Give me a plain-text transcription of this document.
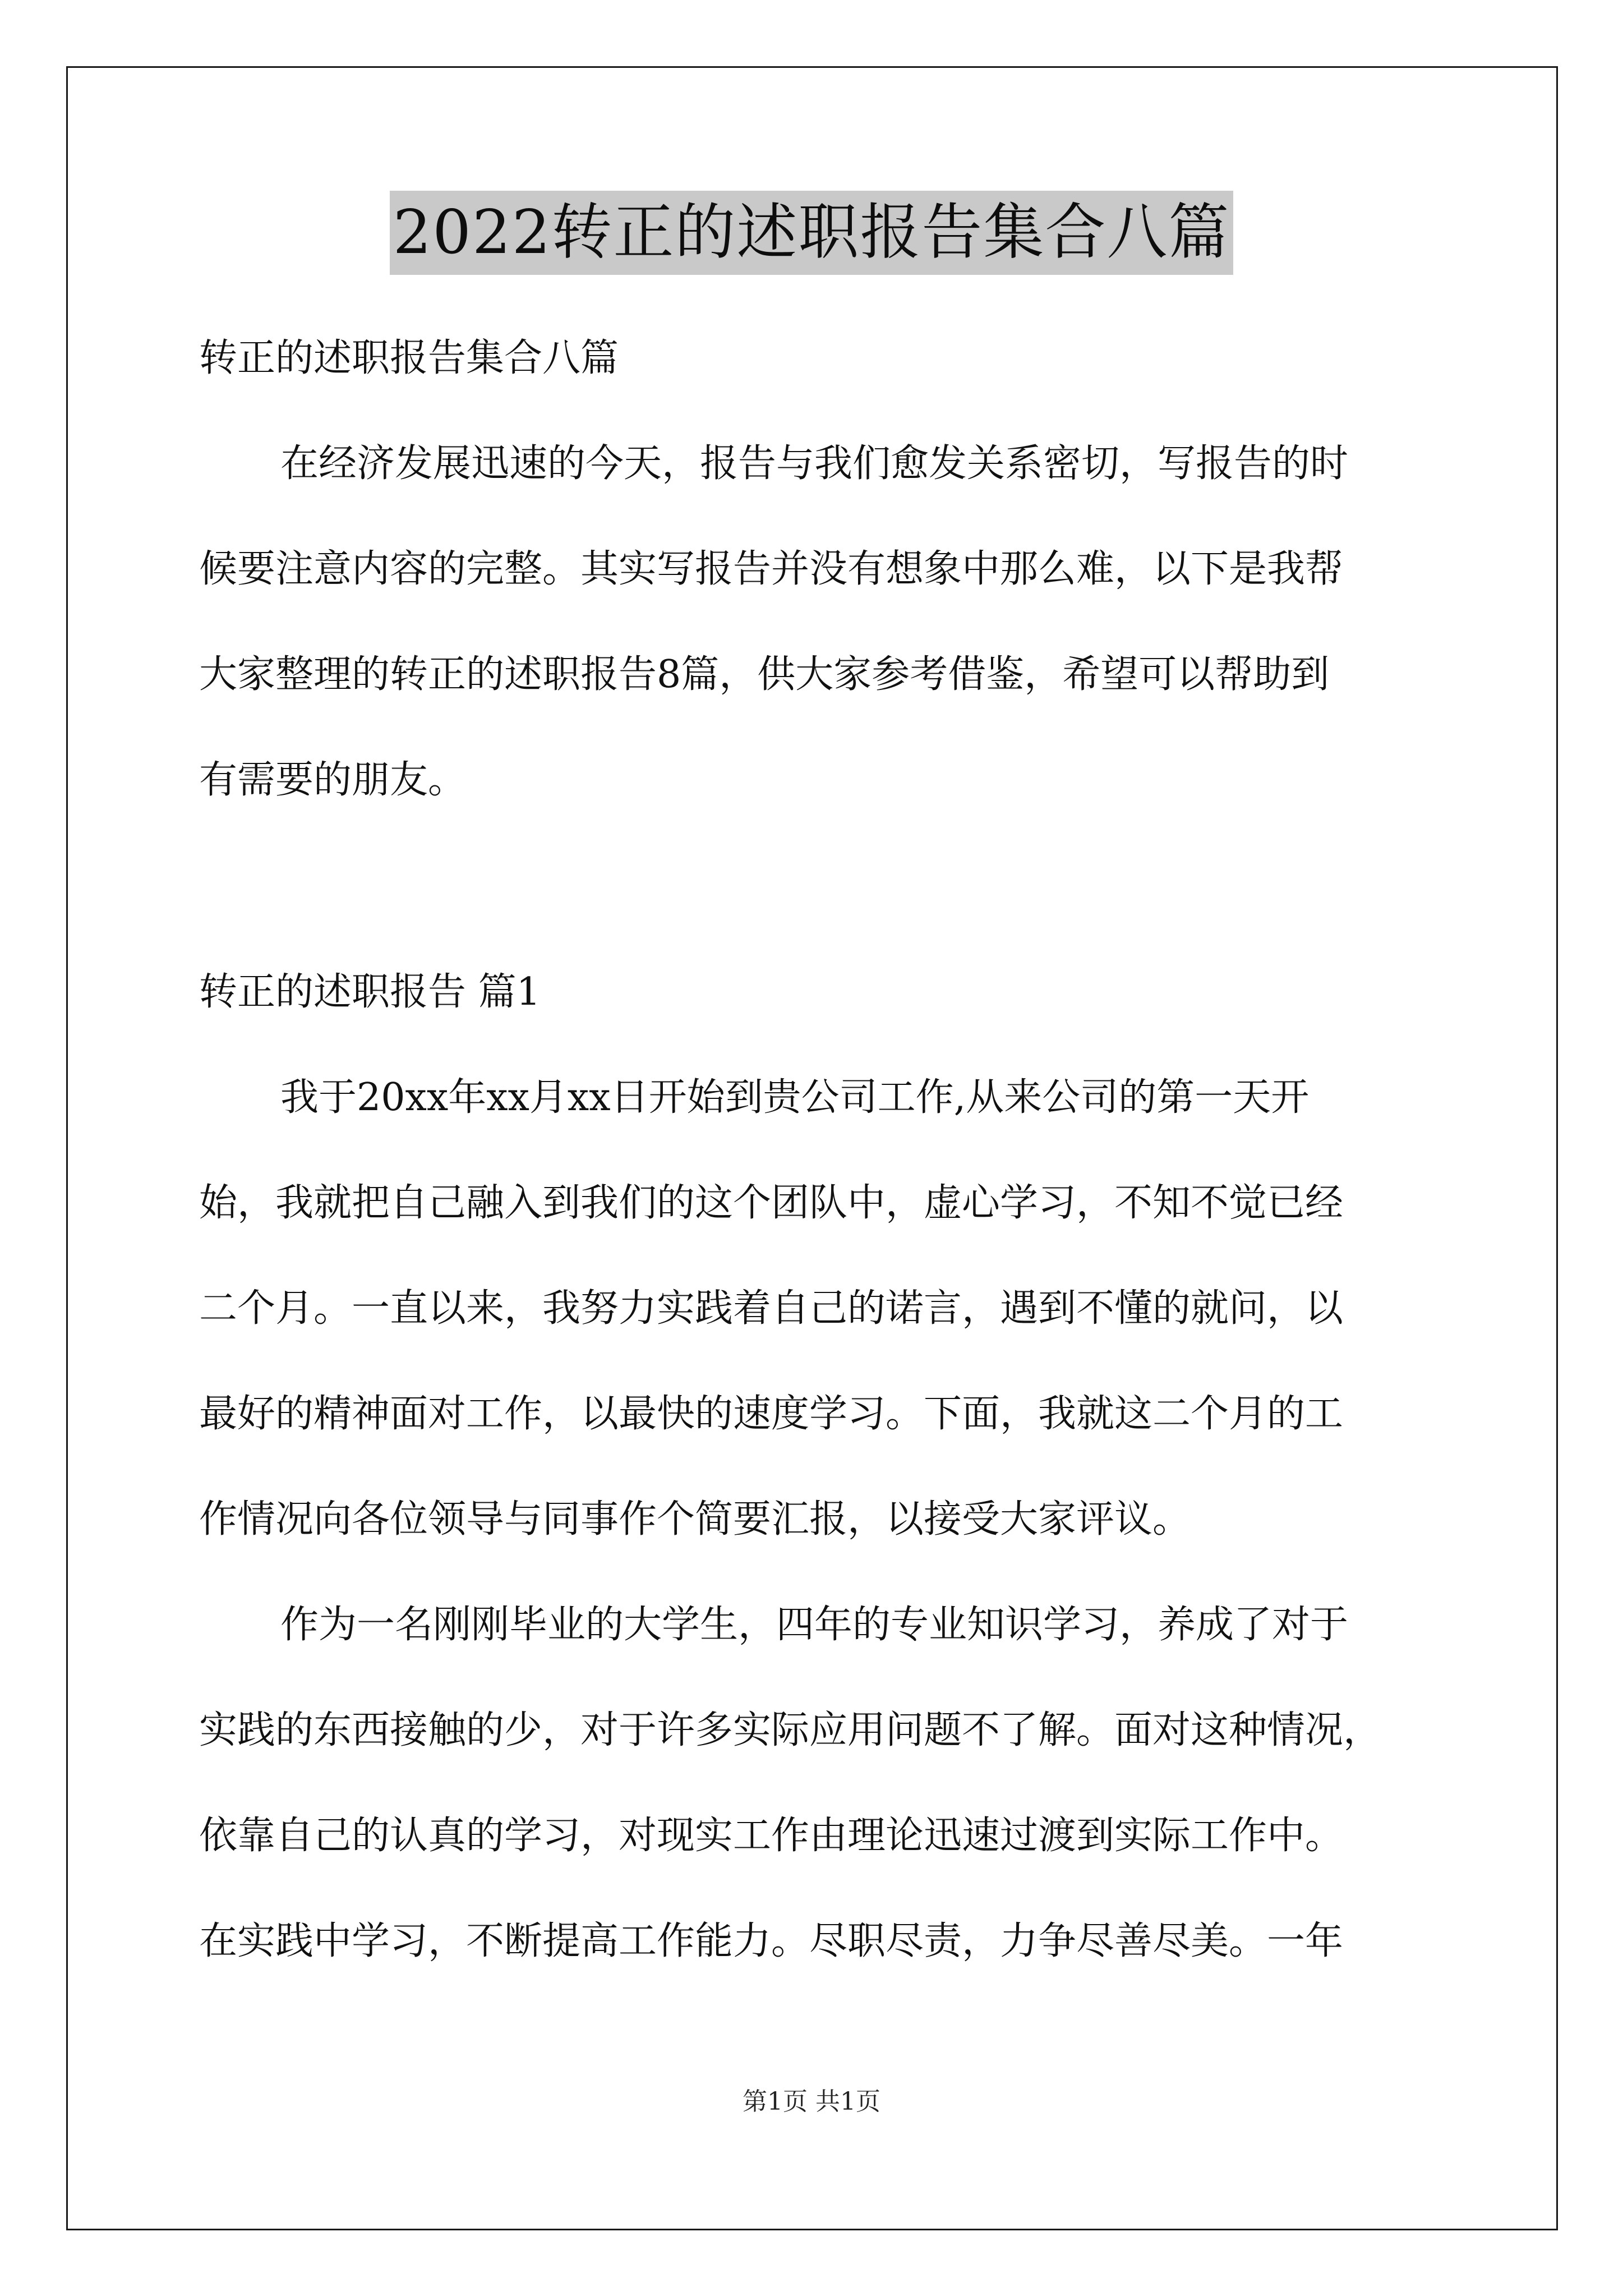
2022转正的述职报告集合八篇
转正的述职报告集合八篇
在经济发展迅速的今天，报告与我们愈发关系密切，写报告的时
候要注意内容的完整。其实写报告并没有想象中那么难，以下是我帮
大家整理的转正的述职报告8篇，供大家参考借鉴，希望可以帮助到
有需要的朋友。
转正的述职报告 篇1
我于20xx年xx月xx日开始到贵公司工作,从来公司的第一天开
始，我就把自己融入到我们的这个团队中，虚心学习，不知不觉已经
二个月。一直以来，我努力实践着自己的诺言，遇到不懂的就问，以
最好的精神面对工作，以最快的速度学习。下面，我就这二个月的工
作情况向各位领导与同事作个简要汇报，以接受大家评议。
作为一名刚刚毕业的大学生，四年的专业知识学习，养成了对于
实践的东西接触的少，对于许多实际应用问题不了解。面对这种情况，
依靠自己的认真的学习，对现实工作由理论迅速过渡到实际工作中。
在实践中学习，不断提高工作能力。尽职尽责，力争尽善尽美。一年
第1页 共1页
